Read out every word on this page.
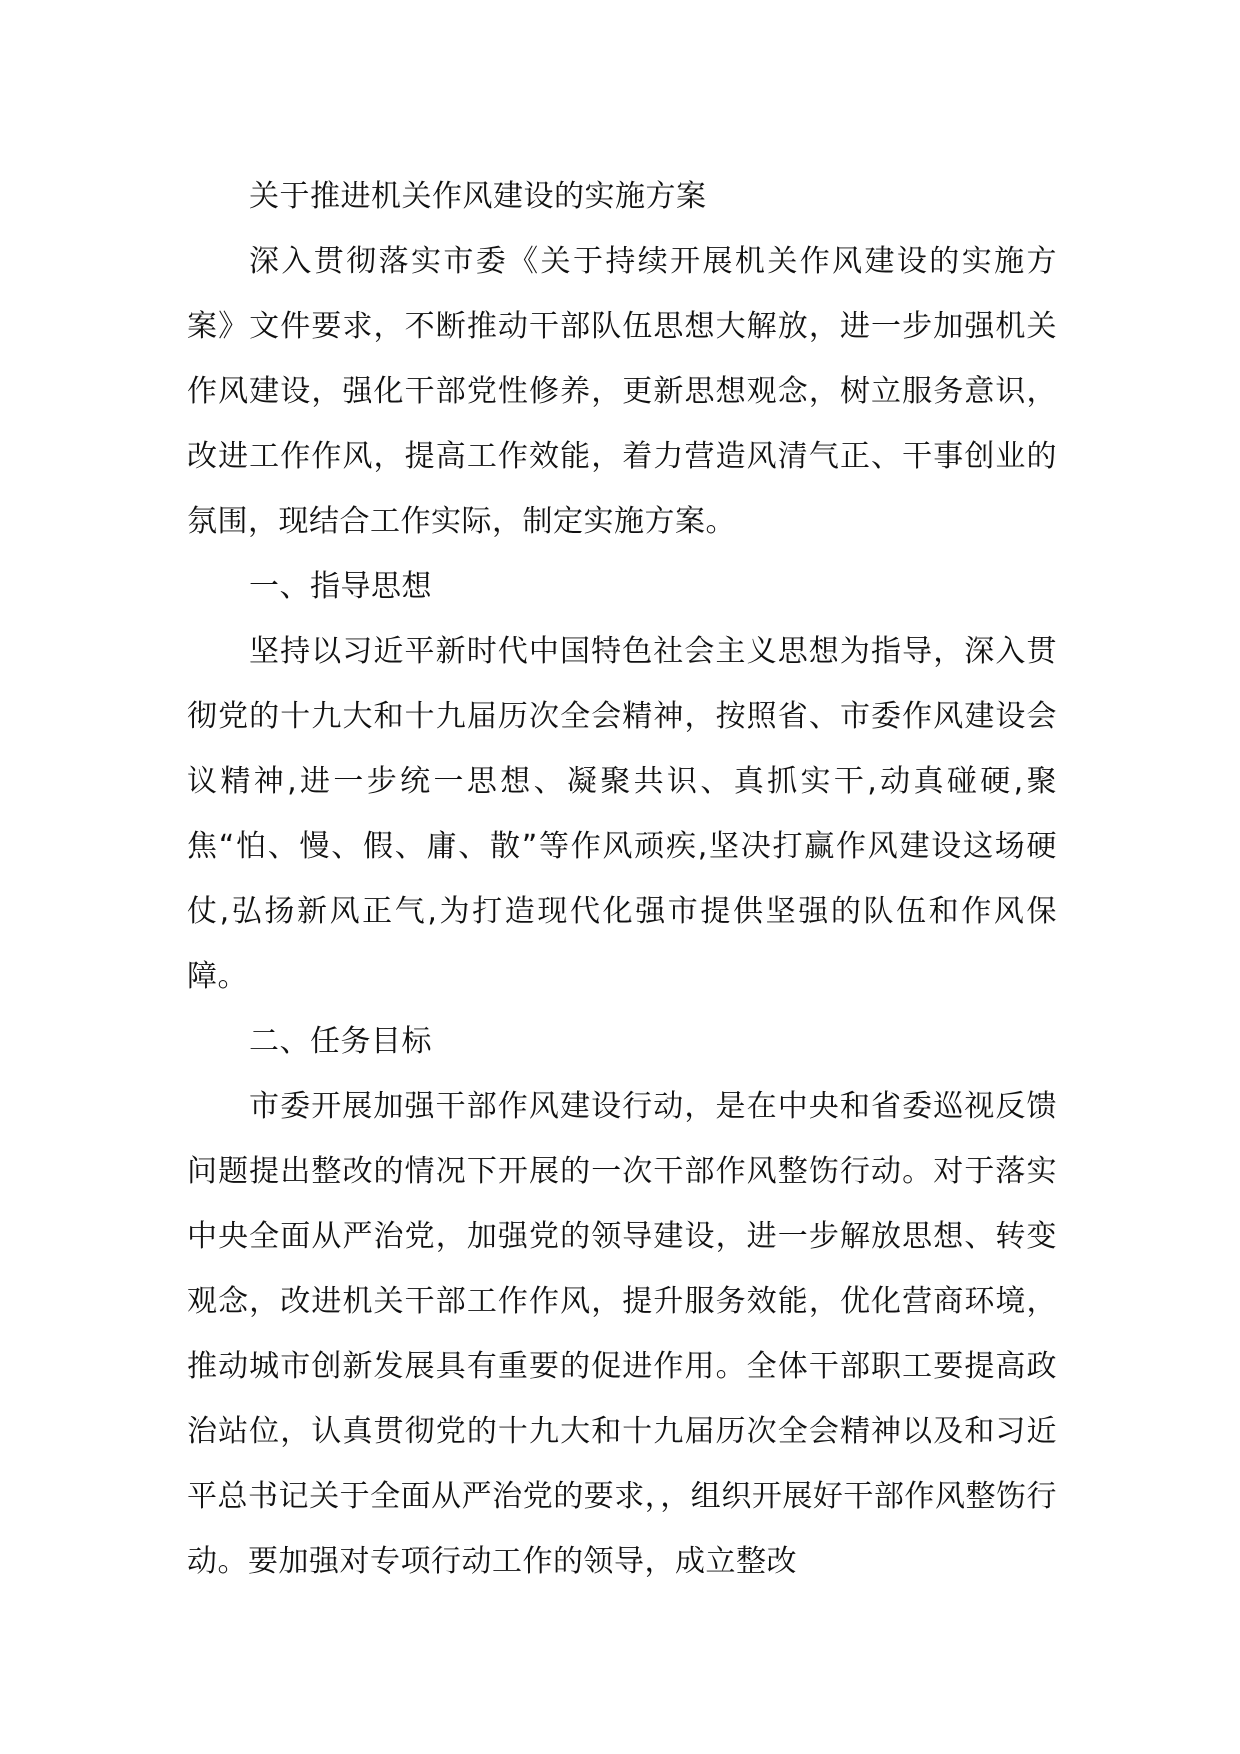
关于推进机关作风建设的实施方案

深入贯彻落实市委《关于持续开展机关作风建设的实施方案》文件要求，不断推动干部队伍思想大解放，进一步加强机关作风建设，强化干部党性修养，更新思想观念，树立服务意识，改进工作作风，提高工作效能，着力营造风清气正、干事创业的氛围，现结合工作实际，制定实施方案。

一、指导思想

坚持以习近平新时代中国特色社会主义思想为指导，深入贯彻党的十九大和十九届历次全会精神，按照省、市委作风建设会议精神,进一步统一思想、凝聚共识、真抓实干,动真碰硬,聚焦“怕、慢、假、庸、散”等作风顽疾,坚决打赢作风建设这场硬仗,弘扬新风正气,为打造现代化强市提供坚强的队伍和作风保障。

二、任务目标

市委开展加强干部作风建设行动，是在中央和省委巡视反馈问题提出整改的情况下开展的一次干部作风整饬行动。对于落实中央全面从严治党，加强党的领导建设，进一步解放思想、转变观念，改进机关干部工作作风，提升服务效能，优化营商环境，推动城市创新发展具有重要的促进作用。全体干部职工要提高政治站位，认真贯彻党的十九大和十九届历次全会精神以及和习近平总书记关于全面从严治党的要求，，组织开展好干部作风整饬行动。要加强对专项行动工作的领导，成立整改
